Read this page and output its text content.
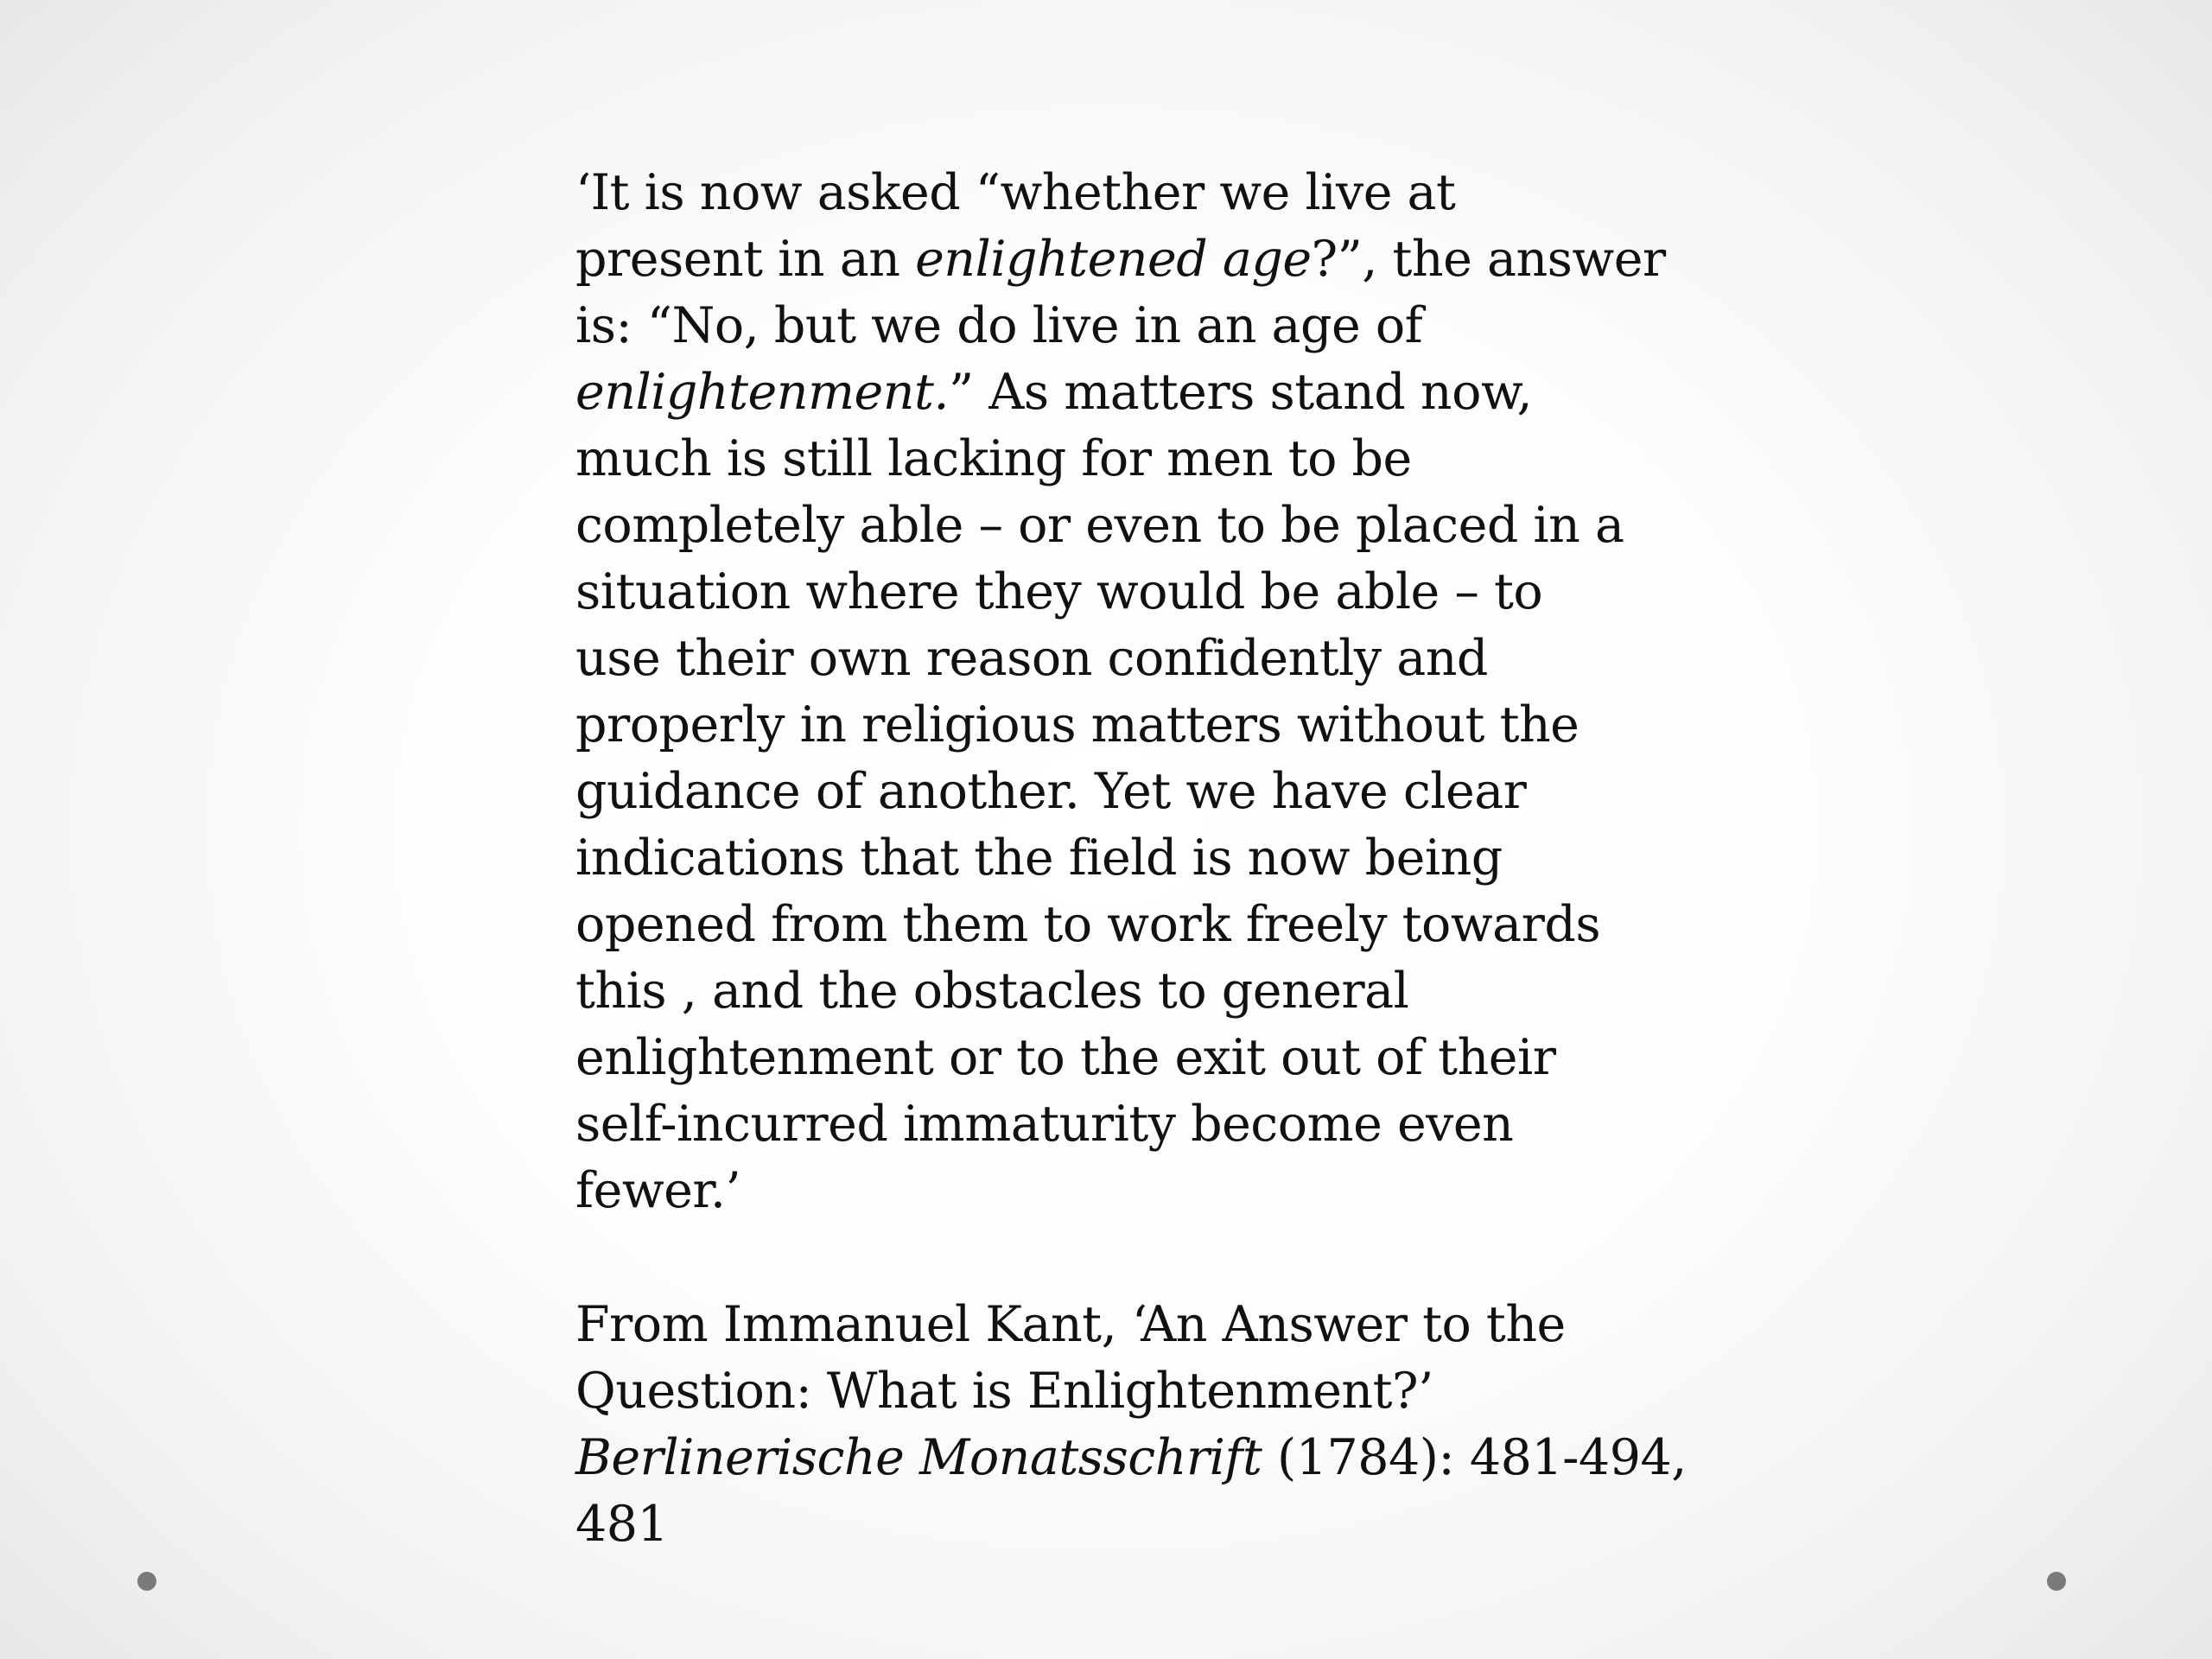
‘It is now asked “whether we live at
present in an enlightened age?”, the answer
is: “No, but we do live in an age of
enlightenment.” As matters stand now,
much is still lacking for men to be
completely able – or even to be placed in a
situation where they would be able – to
use their own reason confidently and
properly in religious matters without the
guidance of another. Yet we have clear
indications that the field is now being
opened from them to work freely towards
this , and the obstacles to general
enlightenment or to the exit out of their
self-incurred immaturity become even
fewer.’
From Immanuel Kant, ‘An Answer to the
Question: What is Enlightenment?’
Berlinerische Monatsschrift (1784): 481-494,
481
